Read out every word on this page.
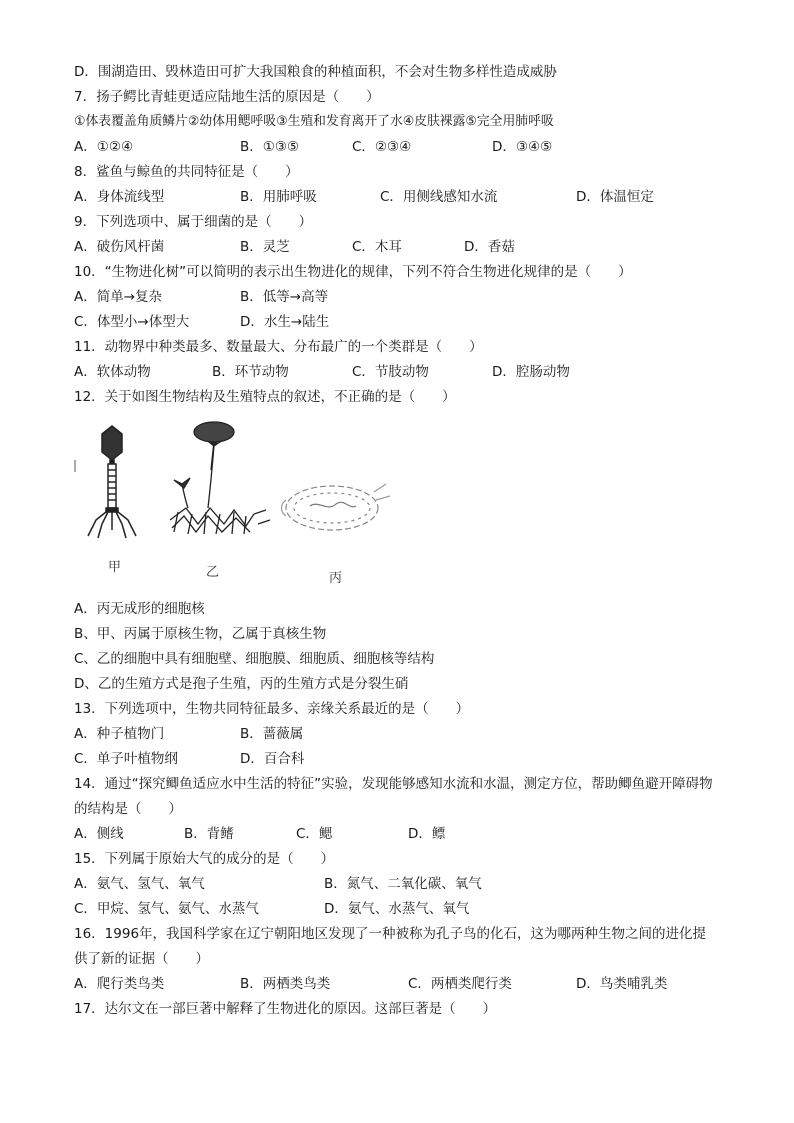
D．围湖造田、毁林造田可扩大我国粮食的种植面积，不会对生物多样性造成威胁
7．扬子鳄比青蛙更适应陆地生活的原因是（　　）
①体表覆盖角质鳞片②幼体用鳃呼吸③生殖和发育离开了水④皮肤裸露⑤完全用肺呼吸
A．①②④	B．①③⑤	C．②③④	D．③④⑤
8．鲨鱼与鲸鱼的共同特征是（　　）
A．身体流线型	B．用肺呼吸	C．用侧线感知水流	D．体温恒定
9．下列选项中、属于细菌的是（　　）
A．破伤风杆菌	B．灵芝	C．木耳	D．香菇
10．“生物进化树”可以简明的表示出生物进化的规律，下列不符合生物进化规律的是（　　）
A．简单→复杂	B．低等→高等
C．体型小→体型大	D．水生→陆生
11．动物界中种类最多、数量最大、分布最广的一个类群是（　　）
A．软体动物	B．环节动物	C．节肢动物	D．腔肠动物
12．关于如图生物结构及生殖特点的叙述，不正确的是（　　）
甲	乙	丙
A．丙无成形的细胞核
B、甲、丙属于原核生物，乙属于真核生物
C、乙的细胞中具有细胞壁、细胞膜、细胞质、细胞核等结构
D、乙的生殖方式是孢子生殖，丙的生殖方式是分裂生硝
13．下列选项中，生物共同特征最多、亲缘关系最近的是（　　）
A．种子植物门	B．蔷薇属
C．单子叶植物纲	D．百合科
14．通过“探究鲫鱼适应水中生活的特征”实验，发现能够感知水流和水温，测定方位，帮助鲫鱼避开障碍物
的结构是（　　）
A．侧线	B．背鳍	C．鳃	D．鳔
15．下列属于原始大气的成分的是（　　）
A．氨气、氢气、氧气	B．氮气、二氧化碳、氧气
C．甲烷、氢气、氨气、水蒸气	D．氨气、水蒸气、氧气
16．1996年，我国科学家在辽宁朝阳地区发现了一种被称为孔子鸟的化石，这为哪两种生物之间的进化提
供了新的证据（　　）
A．爬行类鸟类	B．两栖类鸟类	C．两栖类爬行类	D．鸟类哺乳类
17．达尔文在一部巨著中解释了生物进化的原因。这部巨著是（　　）
